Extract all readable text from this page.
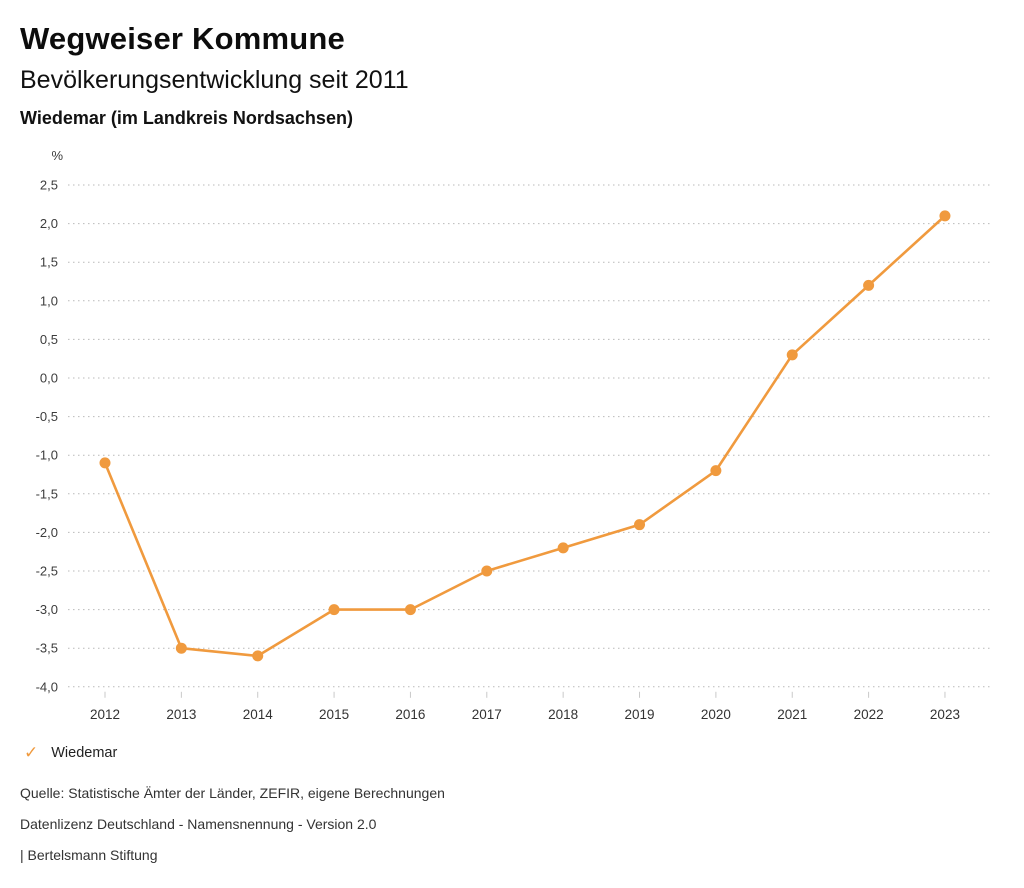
Wegweiser Kommune
Bevölkerungsentwicklung seit 2011
Wiedemar (im Landkreis Nordsachsen)
%
2,5
2,0
1,5
1,0
0,5
0,0
-0,5
-1,0
-1,5
-2,0
-2,5
-3,0
-3,5
-4,0
2012	2013	2014	2015	2016	2017	2018	2019	2020	2021	2022	2023
✓ Wiedemar
Quelle: Statistische Ämter der Länder, ZEFIR, eigene Berechnungen
Datenlizenz Deutschland - Namensnennung - Version 2.0
| Bertelsmann Stiftung
